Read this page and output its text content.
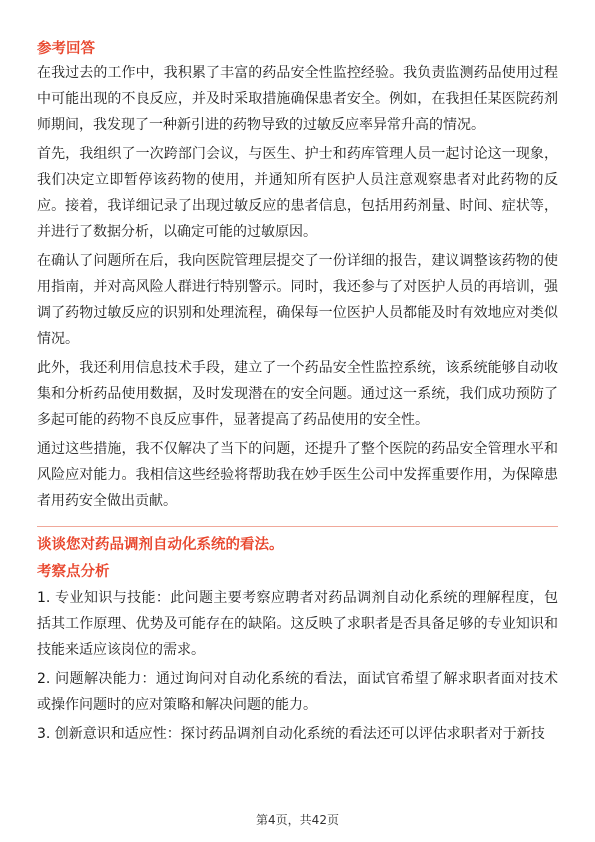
参考回答

在我过去的工作中，我积累了丰富的药品安全性监控经验。我负责监测药品使用过程中可能出现的不良反应，并及时采取措施确保患者安全。例如，在我担任某医院药剂师期间，我发现了一种新引进的药物导致的过敏反应率异常升高的情况。

首先，我组织了一次跨部门会议，与医生、护士和药库管理人员一起讨论这一现象，我们决定立即暂停该药物的使用，并通知所有医护人员注意观察患者对此药物的反应。接着，我详细记录了出现过敏反应的患者信息，包括用药剂量、时间、症状等，并进行了数据分析，以确定可能的过敏原因。

在确认了问题所在后，我向医院管理层提交了一份详细的报告，建议调整该药物的使用指南，并对高风险人群进行特别警示。同时，我还参与了对医护人员的再培训，强调了药物过敏反应的识别和处理流程，确保每一位医护人员都能及时有效地应对类似情况。

此外，我还利用信息技术手段，建立了一个药品安全性监控系统，该系统能够自动收集和分析药品使用数据，及时发现潜在的安全问题。通过这一系统，我们成功预防了多起可能的药物不良反应事件，显著提高了药品使用的安全性。

通过这些措施，我不仅解决了当下的问题，还提升了整个医院的药品安全管理水平和风险应对能力。我相信这些经验将帮助我在妙手医生公司中发挥重要作用，为保障患者用药安全做出贡献。

谈谈您对药品调剂自动化系统的看法。
考察点分析

1. 专业知识与技能：此问题主要考察应聘者对药品调剂自动化系统的理解程度，包括其工作原理、优势及可能存在的缺陷。这反映了求职者是否具备足够的专业知识和技能来适应该岗位的需求。

2. 问题解决能力：通过询问对自动化系统的看法，面试官希望了解求职者面对技术或操作问题时的应对策略和解决问题的能力。

3. 创新意识和适应性：探讨药品调剂自动化系统的看法还可以评估求职者对于新技

第4页，共42页
